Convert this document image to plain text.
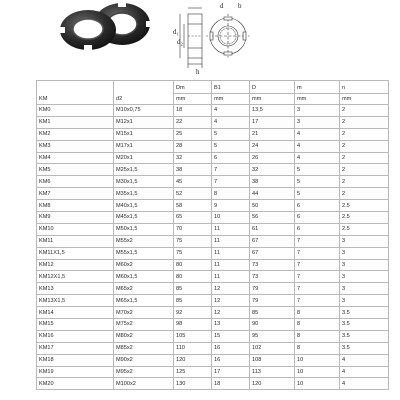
b
d₁
d₂
h
d
KM	d2	Dm	B1	D	m	n
		mm	mm	mm	mm	mm
KM0	M10x0,75	18	4	13,5	3	2
KM1	M12x1	22	4	17	3	2
KM2	M15x1	25	5	21	4	2
KM3	M17x1	28	5	24	4	2
KM4	M20x1	32	6	26	4	2
KM5	M25x1,5	38	7	32	5	2
KM6	M30x1,5	45	7	38	5	2
KM7	M35x1,5	52	8	44	5	2
KM8	M40x1,5	58	9	50	6	2.5
KM9	M45x1,5	65	10	56	6	2.5
KM10	M50x1,5	70	11	61	6	2.5
KM11	M55x2	75	11	67	7	3
KM11X1,5	M55x1,5	75	11	67	7	3
KM12	M60x2	80	11	73	7	3
KM12X1,5	M60x1,5	80	11	73	7	3
KM13	M65x2	85	12	79	7	3
KM13X1,5	M65x1,5	85	12	79	7	3
KM14	M70x2	92	12	85	8	3.5
KM15	M75x2	98	13	90	8	3.5
KM16	M80x2	105	15	95	8	3.5
KM17	M85x2	110	16	102	8	3.5
KM18	M90x2	120	16	108	10	4
KM19	M95x2	125	17	113	10	4
KM20	M100x2	130	18	120	10	4
